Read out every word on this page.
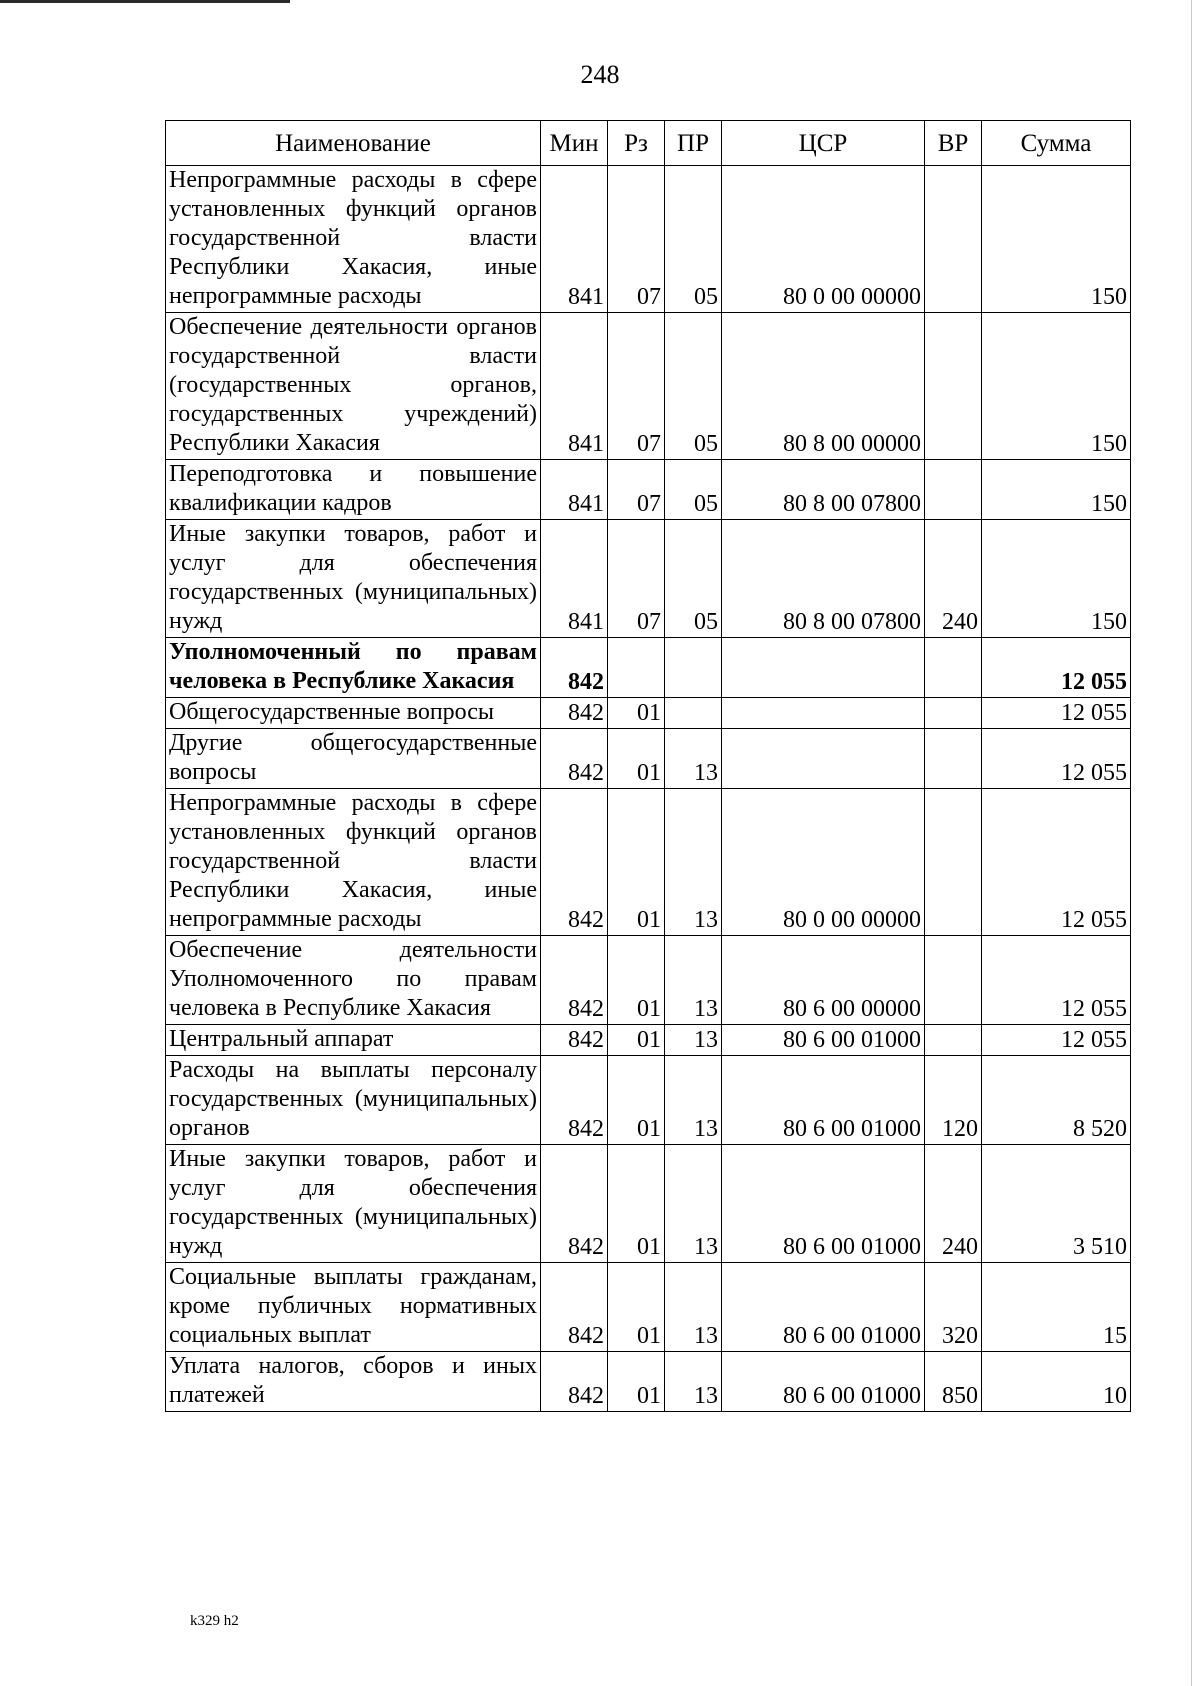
248
Наименование	Мин	Рз	ПР	ЦСР	ВР	Сумма
Непрограммные расходы в сфере установленных функций органов государственной власти Республики Хакасия, иные непрограммные расходы	841	07	05	80 0 00 00000		150
Обеспечение деятельности органов государственной власти (государственных органов, государственных учреждений) Республики Хакасия	841	07	05	80 8 00 00000		150
Переподготовка и повышение квалификации кадров	841	07	05	80 8 00 07800		150
Иные закупки товаров, работ и услуг для обеспечения государственных (муниципальных) нужд	841	07	05	80 8 00 07800	240	150
Уполномоченный по правам человека в Республике Хакасия	842					12 055
Общегосударственные вопросы	842	01				12 055
Другие общегосударственные вопросы	842	01	13			12 055
Непрограммные расходы в сфере установленных функций органов государственной власти Республики Хакасия, иные непрограммные расходы	842	01	13	80 0 00 00000		12 055
Обеспечение деятельности Уполномоченного по правам человека в Республике Хакасия	842	01	13	80 6 00 00000		12 055
Центральный аппарат	842	01	13	80 6 00 01000		12 055
Расходы на выплаты персоналу государственных (муниципальных) органов	842	01	13	80 6 00 01000	120	8 520
Иные закупки товаров, работ и услуг для обеспечения государственных (муниципальных) нужд	842	01	13	80 6 00 01000	240	3 510
Социальные выплаты гражданам, кроме публичных нормативных социальных выплат	842	01	13	80 6 00 01000	320	15
Уплата налогов, сборов и иных платежей	842	01	13	80 6 00 01000	850	10
k329 h2
